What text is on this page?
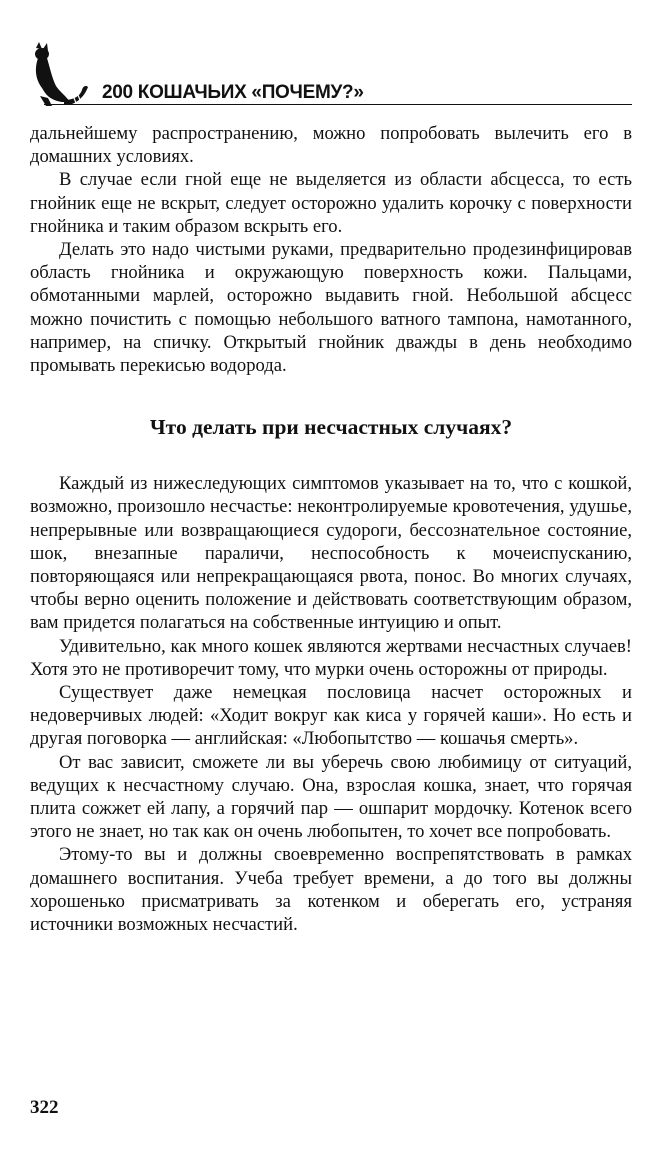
200 КОШАЧЬИХ «ПОЧЕМУ?»

дальнейшему распространению, можно попробовать вылечить его в домашних условиях.

В случае если гной еще не выделяется из области абсцесса, то есть гнойник еще не вскрыт, следует осторожно удалить корочку с поверхности гнойника и таким образом вскрыть его.

Делать это надо чистыми руками, предварительно продезинфицировав область гнойника и окружающую поверхность кожи. Пальцами, обмотанными марлей, осторожно выдавить гной. Небольшой абсцесс можно почистить с помощью небольшого ватного тампона, намотанного, например, на спичку. Открытый гнойник дважды в день необходимо промывать перекисью водорода.

Что делать при несчастных случаях?

Каждый из нижеследующих симптомов указывает на то, что с кошкой, возможно, произошло несчастье: неконтролируемые кровотечения, удушье, непрерывные или возвращающиеся судороги, бессознательное состояние, шок, внезапные параличи, неспособность к мочеиспусканию, повторяющаяся или непрекращающаяся рвота, понос. Во многих случаях, чтобы верно оценить положение и действовать соответствующим образом, вам придется полагаться на собственные интуицию и опыт.

Удивительно, как много кошек являются жертвами несчастных случаев! Хотя это не противоречит тому, что мурки очень осторожны от природы.

Существует даже немецкая пословица насчет осторожных и недоверчивых людей: «Ходит вокруг как киса у горячей каши». Но есть и другая поговорка — английская: «Любопытство — кошачья смерть».

От вас зависит, сможете ли вы уберечь свою любимицу от ситуаций, ведущих к несчастному случаю. Она, взрослая кошка, знает, что горячая плита сожжет ей лапу, а горячий пар — ошпарит мордочку. Котенок всего этого не знает, но так как он очень любопытен, то хочет все попробовать.

Этому-то вы и должны своевременно воспрепятствовать в рамках домашнего воспитания. Учеба требует времени, а до того вы должны хорошенько присматривать за котенком и оберегать его, устраняя источники возможных несчастий.

322
